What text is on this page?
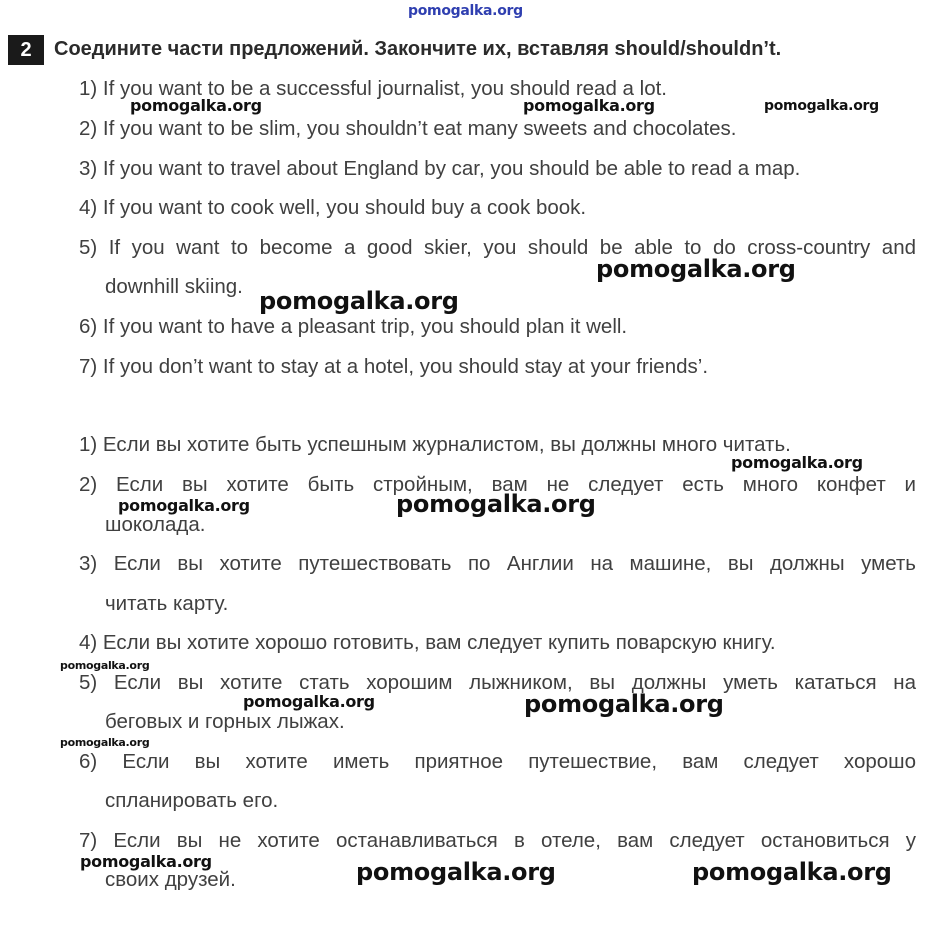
pomogalka.org
2	Соедините части предложений. Закончите их, вставляя should/shouldn’t.
1) If you want to be a successful journalist, you should read a lot.
2) If you want to be slim, you shouldn’t eat many sweets and chocolates.
3) If you want to travel about England by car, you should be able to read a map.
4) If you want to cook well, you should buy a cook book.
5) If you want to become a good skier, you should be able to do cross-country and
downhill skiing.
6) If you want to have a pleasant trip, you should plan it well.
7) If you don’t want to stay at a hotel, you should stay at your friends’.
1) Если вы хотите быть успешным журналистом, вы должны много читать.
2) Если вы хотите быть стройным, вам не следует есть много конфет и
шоколада.
3) Если вы хотите путешествовать по Англии на машине, вы должны уметь
читать карту.
4) Если вы хотите хорошо готовить, вам следует купить поварскую книгу.
5) Если вы хотите стать хорошим лыжником, вы должны уметь кататься на
беговых и горных лыжах.
6) Если вы хотите иметь приятное путешествие, вам следует хорошо
спланировать его.
7) Если вы не хотите останавливаться в отеле, вам следует остановиться у
своих друзей.
pomogalka.org	pomogalka.org	pomogalka.org
pomogalka.org
pomogalka.org
pomogalka.org
pomogalka.org	pomogalka.org
pomogalka.org
pomogalka.org	pomogalka.org
pomogalka.org
pomogalka.org	pomogalka.org	pomogalka.org
